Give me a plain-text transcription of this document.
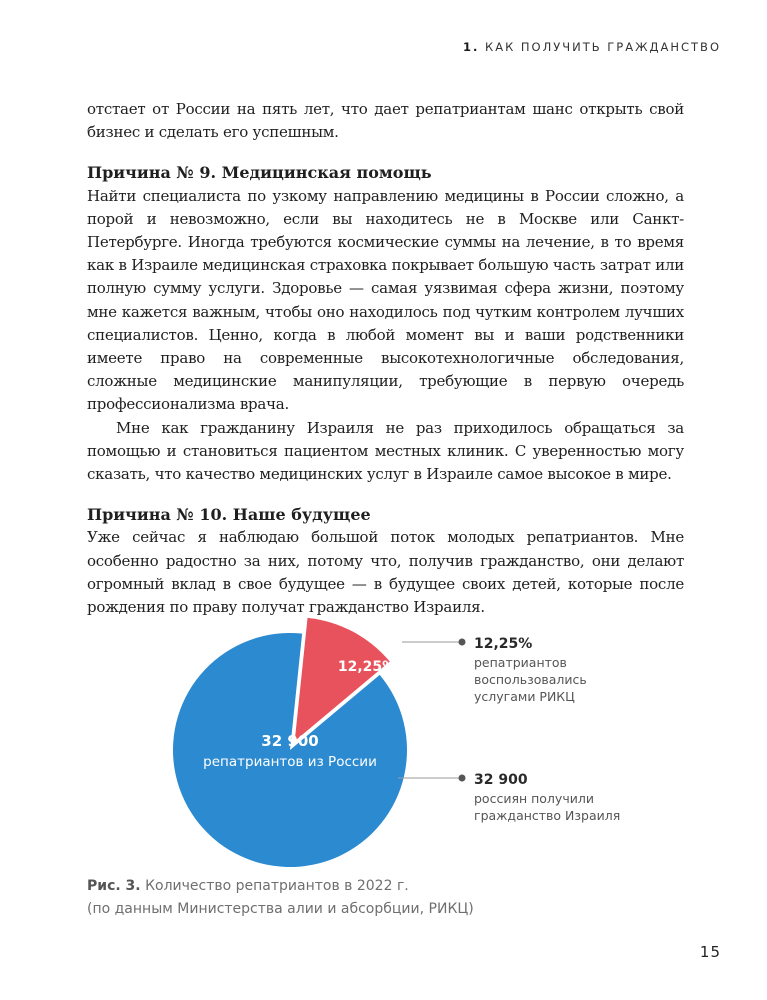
1. КАК ПОЛУЧИТЬ ГРАЖДАНСТВО

отстает от России на пять лет, что дает репатриантам шанс открыть свой бизнес и сделать его успешным.

Причина № 9. Медицинская помощь

Найти специалиста по узкому направлению медицины в России сложно, а порой и невозможно, если вы находитесь не в Москве или Санкт-Петербурге. Иногда требуются космические суммы на лечение, в то время как в Израиле медицинская страховка покрывает большую часть затрат или полную сумму услуги. Здоровье — самая уязвимая сфера жизни, поэтому мне кажется важным, чтобы оно находилось под чутким контролем лучших специалистов. Ценно, когда в любой момент вы и ваши родственники имеете право на современные высокотехнологичные обследования, сложные медицинские манипуляции, требующие в первую очередь профессионализма врача.

Мне как гражданину Израиля не раз приходилось обращаться за помощью и становиться пациентом местных клиник. С уверенностью могу сказать, что качество медицинских услуг в Израиле самое высокое в мире.

Причина № 10. Наше будущее

Уже сейчас я наблюдаю большой поток молодых репатриантов. Мне особенно радостно за них, потому что, получив гражданство, они делают огромный вклад в свое будущее — в будущее своих детей, которые после рождения по праву получат гражданство Израиля.

12,25%
32 900
репатриантов из России
12,25%
репатриантов
воспользовались
услугами РИКЦ
32 900
россиян получили
гражданство Израиля
Рис. 3. Количество репатриантов в 2022 г.
(по данным Министерства алии и абсорбции, РИКЦ)
15
